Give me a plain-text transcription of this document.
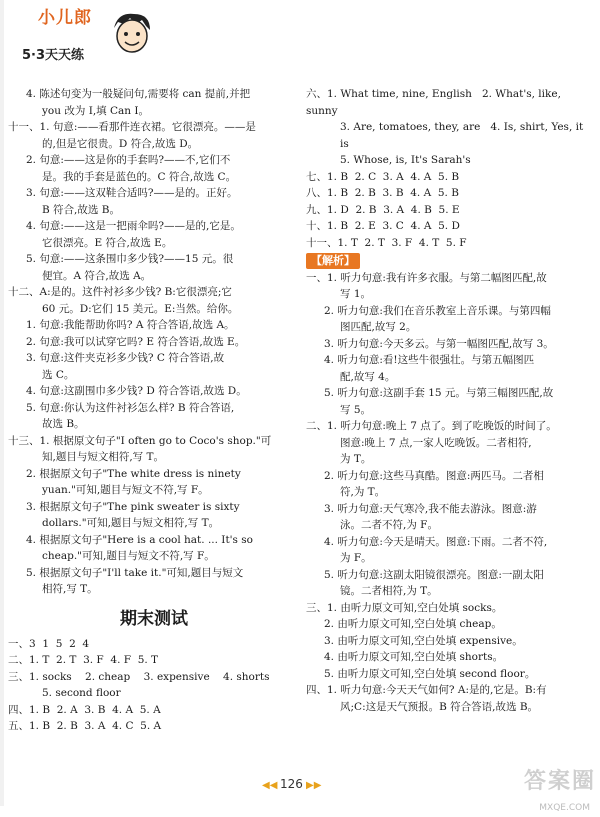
小儿郎
5·3天天练
4. 陈述句变为一般疑问句,需要将 can 提前,并把
you 改为 I,填 Can I。
十一、1. 句意:——看那件连衣裙。它很漂亮。——是
的,但是它很贵。D 符合,故选 D。
2. 句意:——这是你的手套吗?——不,它们不
是。我的手套是蓝色的。C 符合,故选 C。
3. 句意:——这双鞋合适吗?——是的。正好。
B 符合,故选 B。
4. 句意:——这是一把雨伞吗?——是的,它是。
它很漂亮。E 符合,故选 E。
5. 句意:——这条围巾多少钱?——15 元。很
便宜。A 符合,故选 A。
十二、A:是的。这件衬衫多少钱? B:它很漂亮;它
60 元。D:它们 15 美元。E:当然。给你。
1. 句意:我能帮助你吗? A 符合答语,故选 A。
2. 句意:我可以试穿它吗? E 符合答语,故选 E。
3. 句意:这件夹克衫多少钱? C 符合答语,故
选 C。
4. 句意:这副围巾多少钱? D 符合答语,故选 D。
5. 句意:你认为这件衬衫怎么样? B 符合答语,
故选 B。
十三、1. 根据原文句子"I often go to Coco's shop."可
知,题目与短文相符,写 T。
2. 根据原文句子"The white dress is ninety
yuan."可知,题目与短文不符,写 F。
3. 根据原文句子"The pink sweater is sixty
dollars."可知,题目与短文相符,写 T。
4. 根据原文句子"Here is a cool hat. ... It's so
cheap."可知,题目与短文不符,写 F。
5. 根据原文句子"I'll take it."可知,题目与短文
相符,写 T。
期末测试
一、3  1  5  2  4
二、1. T  2. T  3. F  4. F  5. T
三、1. socks    2. cheap    3. expensive    4. shorts
5. second floor
四、1. B  2. A  3. B  4. A  5. A
五、1. B  2. B  3. A  4. C  5. A
六、1. What time, nine, English   2. What's, like, sunny
3. Are, tomatoes, they, are   4. Is, shirt, Yes, it is
5. Whose, is, It's Sarah's
七、1. B  2. C  3. A  4. A  5. B
八、1. B  2. B  3. B  4. A  5. B
九、1. D  2. B  3. A  4. B  5. E
十、1. B  2. E  3. C  4. A  5. D
十一、1. T  2. T  3. F  4. T  5. F
【解析】
一、1. 听力句意:我有许多衣服。与第二幅图匹配,故
写 1。
2. 听力句意:我们在音乐教室上音乐课。与第四幅
图匹配,故写 2。
3. 听力句意:今天多云。与第一幅图匹配,故写 3。
4. 听力句意:看!这些牛很强壮。与第五幅图匹
配,故写 4。
5. 听力句意:这副手套 15 元。与第三幅图匹配,故
写 5。
二、1. 听力句意:晚上 7 点了。到了吃晚饭的时间了。
图意:晚上 7 点,一家人吃晚饭。二者相符,
为 T。
2. 听力句意:这些马真酷。图意:两匹马。二者相
符,为 T。
3. 听力句意:天气寒冷,我不能去游泳。图意:游
泳。二者不符,为 F。
4. 听力句意:今天是晴天。图意:下雨。二者不符,
为 F。
5. 听力句意:这副太阳镜很漂亮。图意:一副太阳
镜。二者相符,为 T。
三、1. 由听力原文可知,空白处填 socks。
2. 由听力原文可知,空白处填 cheap。
3. 由听力原文可知,空白处填 expensive。
4. 由听力原文可知,空白处填 shorts。
5. 由听力原文可知,空白处填 second floor。
四、1. 听力句意:今天天气如何? A:是的,它是。B:有
风;C:这是天气预报。B 符合答语,故选 B。
◀◀ 126 ▶▶	答案圈
MXQE.COM
